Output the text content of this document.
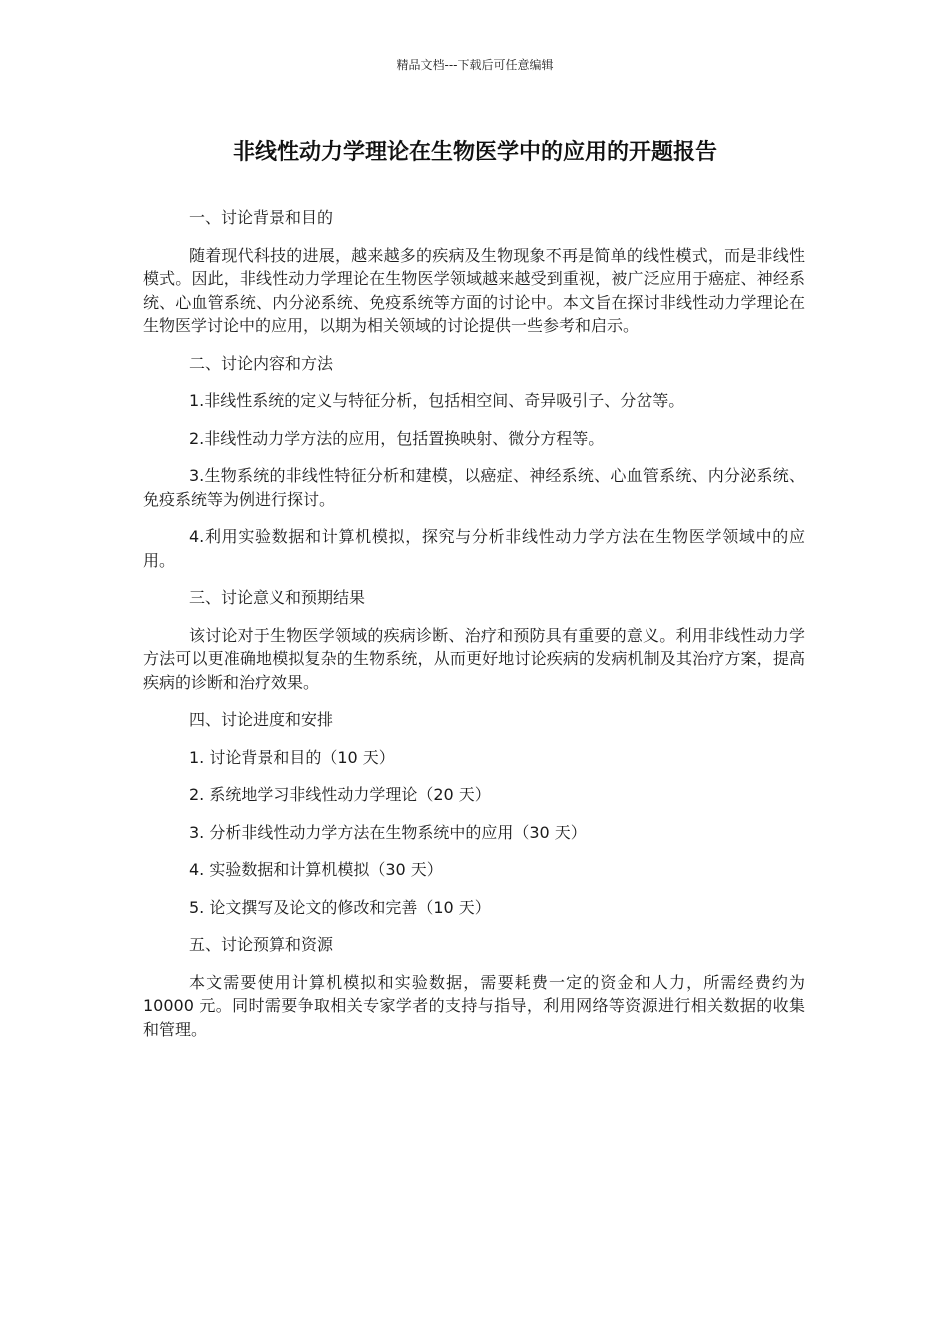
精品文档---下载后可任意编辑
非线性动力学理论在生物医学中的应用的开题报告

一、讨论背景和目的

随着现代科技的进展，越来越多的疾病及生物现象不再是简单的线性模式，而是非线性模式。因此，非线性动力学理论在生物医学领域越来越受到重视，被广泛应用于癌症、神经系统、心血管系统、内分泌系统、免疫系统等方面的讨论中。本文旨在探讨非线性动力学理论在生物医学讨论中的应用，以期为相关领域的讨论提供一些参考和启示。

二、讨论内容和方法

1.非线性系统的定义与特征分析，包括相空间、奇异吸引子、分岔等。

2.非线性动力学方法的应用，包括置换映射、微分方程等。

3.生物系统的非线性特征分析和建模，以癌症、神经系统、心血管系统、内分泌系统、免疫系统等为例进行探讨。

4.利用实验数据和计算机模拟，探究与分析非线性动力学方法在生物医学领域中的应用。

三、讨论意义和预期结果

该讨论对于生物医学领域的疾病诊断、治疗和预防具有重要的意义。利用非线性动力学方法可以更准确地模拟复杂的生物系统，从而更好地讨论疾病的发病机制及其治疗方案，提高疾病的诊断和治疗效果。

四、讨论进度和安排

1. 讨论背景和目的（10 天）

2. 系统地学习非线性动力学理论（20 天）

3. 分析非线性动力学方法在生物系统中的应用（30 天）

4. 实验数据和计算机模拟（30 天）

5. 论文撰写及论文的修改和完善（10 天）

五、讨论预算和资源

本文需要使用计算机模拟和实验数据，需要耗费一定的资金和人力，所需经费约为 10000 元。同时需要争取相关专家学者的支持与指导，利用网络等资源进行相关数据的收集和管理。
